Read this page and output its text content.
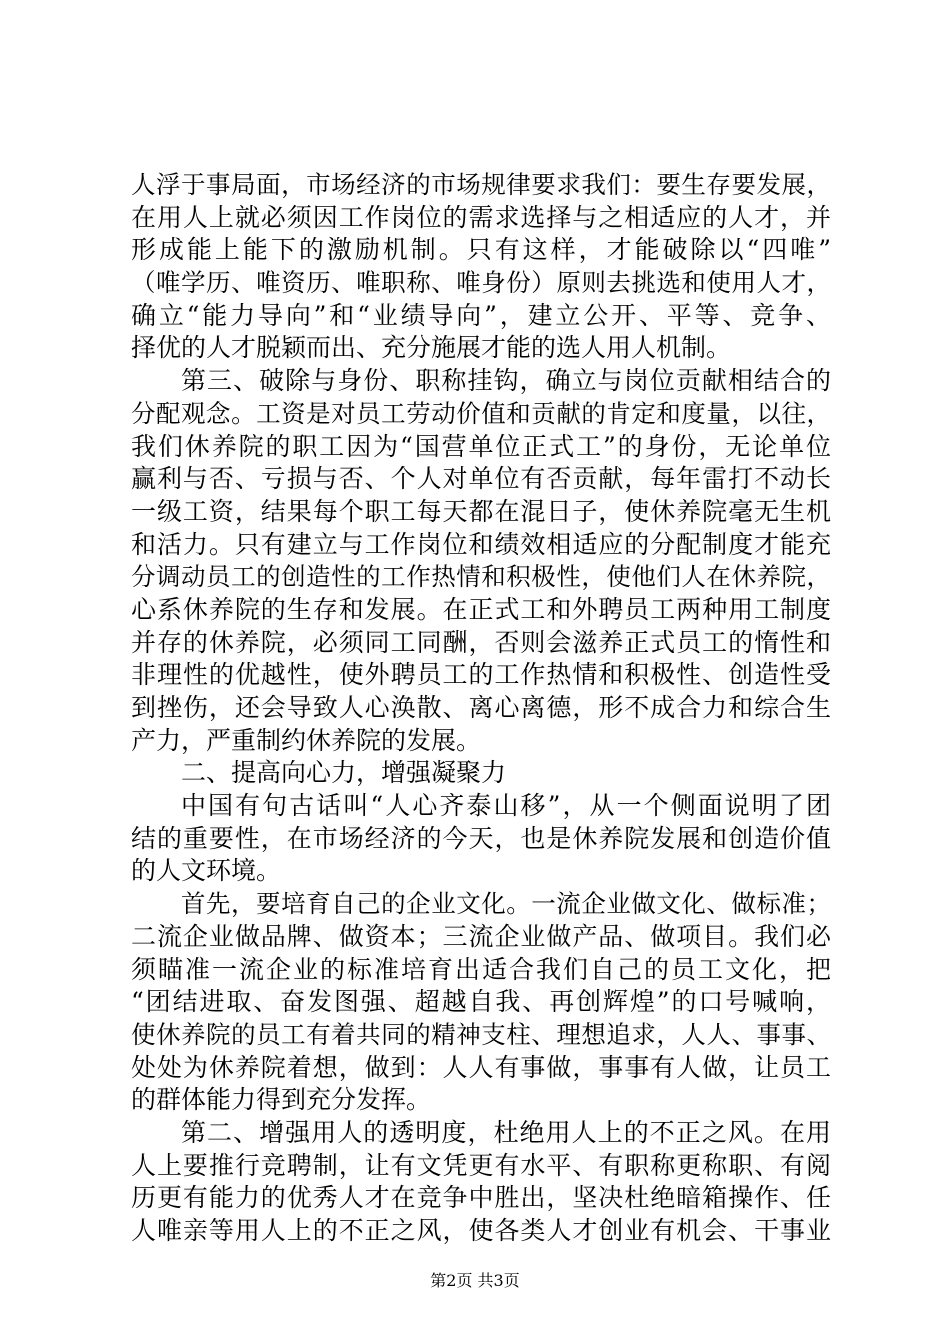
人浮于事局面，市场经济的市场规律要求我们：要生存要发展，
在用人上就必须因工作岗位的需求选择与之相适应的人才，并
形成能上能下的激励机制。只有这样，才能破除以“四唯”
（唯学历、唯资历、唯职称、唯身份）原则去挑选和使用人才，
确立“能力导向”和“业绩导向”，建立公开、平等、竞争、
择优的人才脱颖而出、充分施展才能的选人用人机制。
第三、破除与身份、职称挂钩，确立与岗位贡献相结合的
分配观念。工资是对员工劳动价值和贡献的肯定和度量，以往，
我们休养院的职工因为“国营单位正式工”的身份，无论单位
赢利与否、亏损与否、个人对单位有否贡献，每年雷打不动长
一级工资，结果每个职工每天都在混日子，使休养院毫无生机
和活力。只有建立与工作岗位和绩效相适应的分配制度才能充
分调动员工的创造性的工作热情和积极性，使他们人在休养院，
心系休养院的生存和发展。在正式工和外聘员工两种用工制度
并存的休养院，必须同工同酬，否则会滋养正式员工的惰性和
非理性的优越性，使外聘员工的工作热情和积极性、创造性受
到挫伤，还会导致人心涣散、离心离德，形不成合力和综合生
产力，严重制约休养院的发展。
二、提高向心力，增强凝聚力
中国有句古话叫“人心齐泰山移”，从一个侧面说明了团
结的重要性，在市场经济的今天，也是休养院发展和创造价值
的人文环境。
首先，要培育自己的企业文化。一流企业做文化、做标准；
二流企业做品牌、做资本；三流企业做产品、做项目。我们必
须瞄准一流企业的标准培育出适合我们自己的员工文化，把
“团结进取、奋发图强、超越自我、再创辉煌”的口号喊响，
使休养院的员工有着共同的精神支柱、理想追求，人人、事事、
处处为休养院着想，做到：人人有事做，事事有人做，让员工
的群体能力得到充分发挥。
第二、增强用人的透明度，杜绝用人上的不正之风。在用
人上要推行竞聘制，让有文凭更有水平、有职称更称职、有阅
历更有能力的优秀人才在竞争中胜出，坚决杜绝暗箱操作、任
人唯亲等用人上的不正之风，使各类人才创业有机会、干事业
第2页 共3页
